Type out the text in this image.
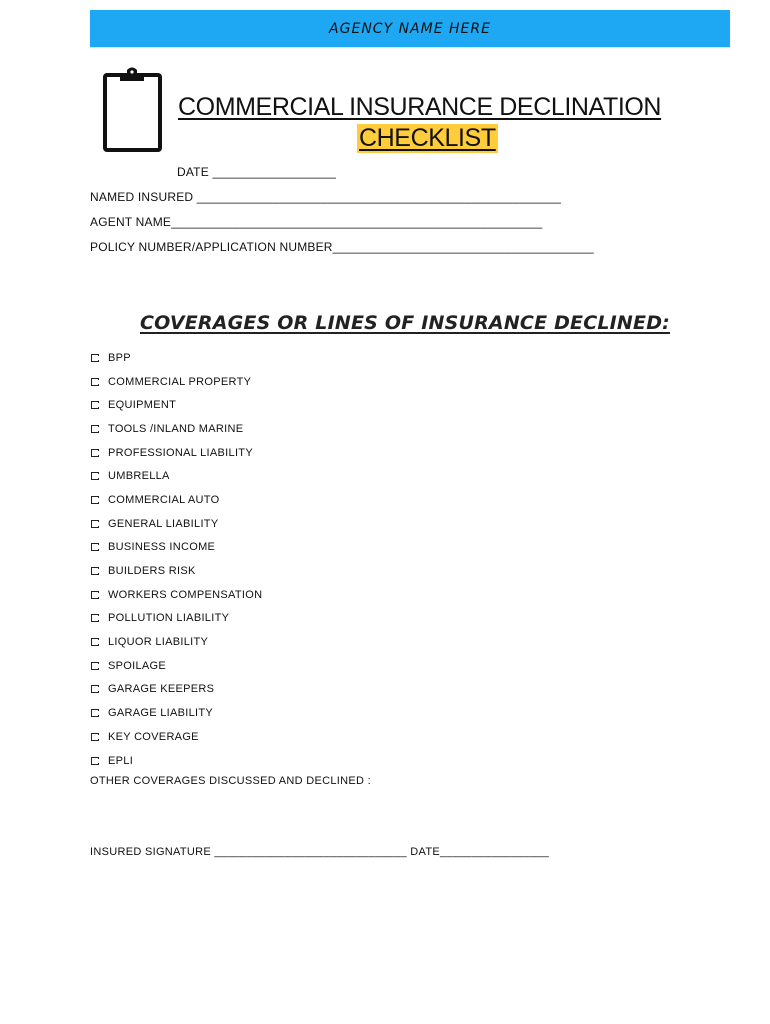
AGENCY NAME HERE
COMMERCIAL INSURANCE DECLINATION
CHECKLIST
DATE __________________
NAMED INSURED _____________________________________________________
AGENT NAME______________________________________________________
POLICY NUMBER/APPLICATION NUMBER______________________________________
COVERAGES OR LINES OF INSURANCE DECLINED:
BPP
COMMERCIAL PROPERTY
EQUIPMENT
TOOLS /INLAND MARINE
PROFESSIONAL LIABILITY
UMBRELLA
COMMERCIAL AUTO
GENERAL LIABILITY
BUSINESS INCOME
BUILDERS RISK
WORKERS COMPENSATION
POLLUTION LIABILITY
LIQUOR LIABILITY
SPOILAGE
GARAGE KEEPERS
GARAGE LIABILITY
KEY COVERAGE
EPLI
OTHER COVERAGES DISCUSSED AND DECLINED :
INSURED SIGNATURE ______________________________ DATE_________________
